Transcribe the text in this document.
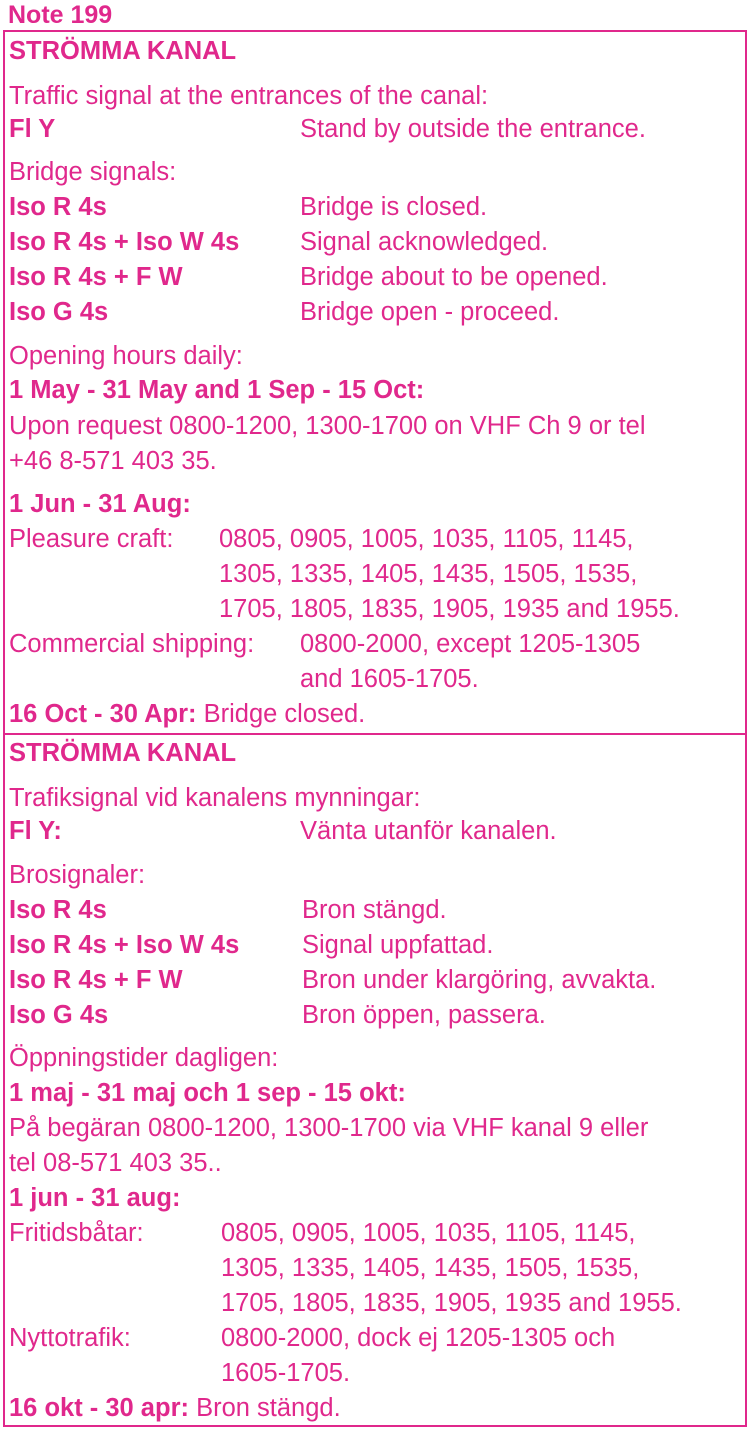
Note 199
STRÖMMA KANAL
Traffic signal at the entrances of the canal:
Fl Y	Stand by outside the entrance.
Bridge signals:
Iso R 4s	Bridge is closed.
Iso R 4s + Iso W 4s Signal acknowledged.
Iso R 4s + F W	Bridge about to be opened.
Iso G 4s	Bridge open - proceed.
Opening hours daily:
1 May - 31 May and 1 Sep - 15 Oct:
Upon request 0800-1200, 1300-1700 on VHF Ch 9 or tel
+46 8-571 403 35.
1 Jun - 31 Aug:
Pleasure craft: 0805, 0905, 1005, 1035, 1105, 1145,
1305, 1335, 1405, 1435, 1505, 1535,
1705, 1805, 1835, 1905, 1935 and 1955.
Commercial shipping: 0800-2000, except 1205-1305
and 1605-1705.
16 Oct - 30 Apr: Bridge closed.
STRÖMMA KANAL
Trafiksignal vid kanalens mynningar:
Fl Y:	Vänta utanför kanalen.
Brosignaler:
Iso R 4s	Bron stängd.
Iso R 4s + Iso W 4s Signal uppfattad.
Iso R 4s + F W	Bron under klargöring, avvakta.
Iso G 4s	Bron öppen, passera.
Öppningstider dagligen:
1 maj - 31 maj och 1 sep - 15 okt:
På begäran 0800-1200, 1300-1700 via VHF kanal 9 eller
tel 08-571 403 35..
1 jun - 31 aug:
Fritidsbåtar:	0805, 0905, 1005, 1035, 1105, 1145,
1305, 1335, 1405, 1435, 1505, 1535,
1705, 1805, 1835, 1905, 1935 and 1955.
Nyttotrafik:	0800-2000, dock ej 1205-1305 och
1605-1705.
16 okt - 30 apr: Bron stängd.
